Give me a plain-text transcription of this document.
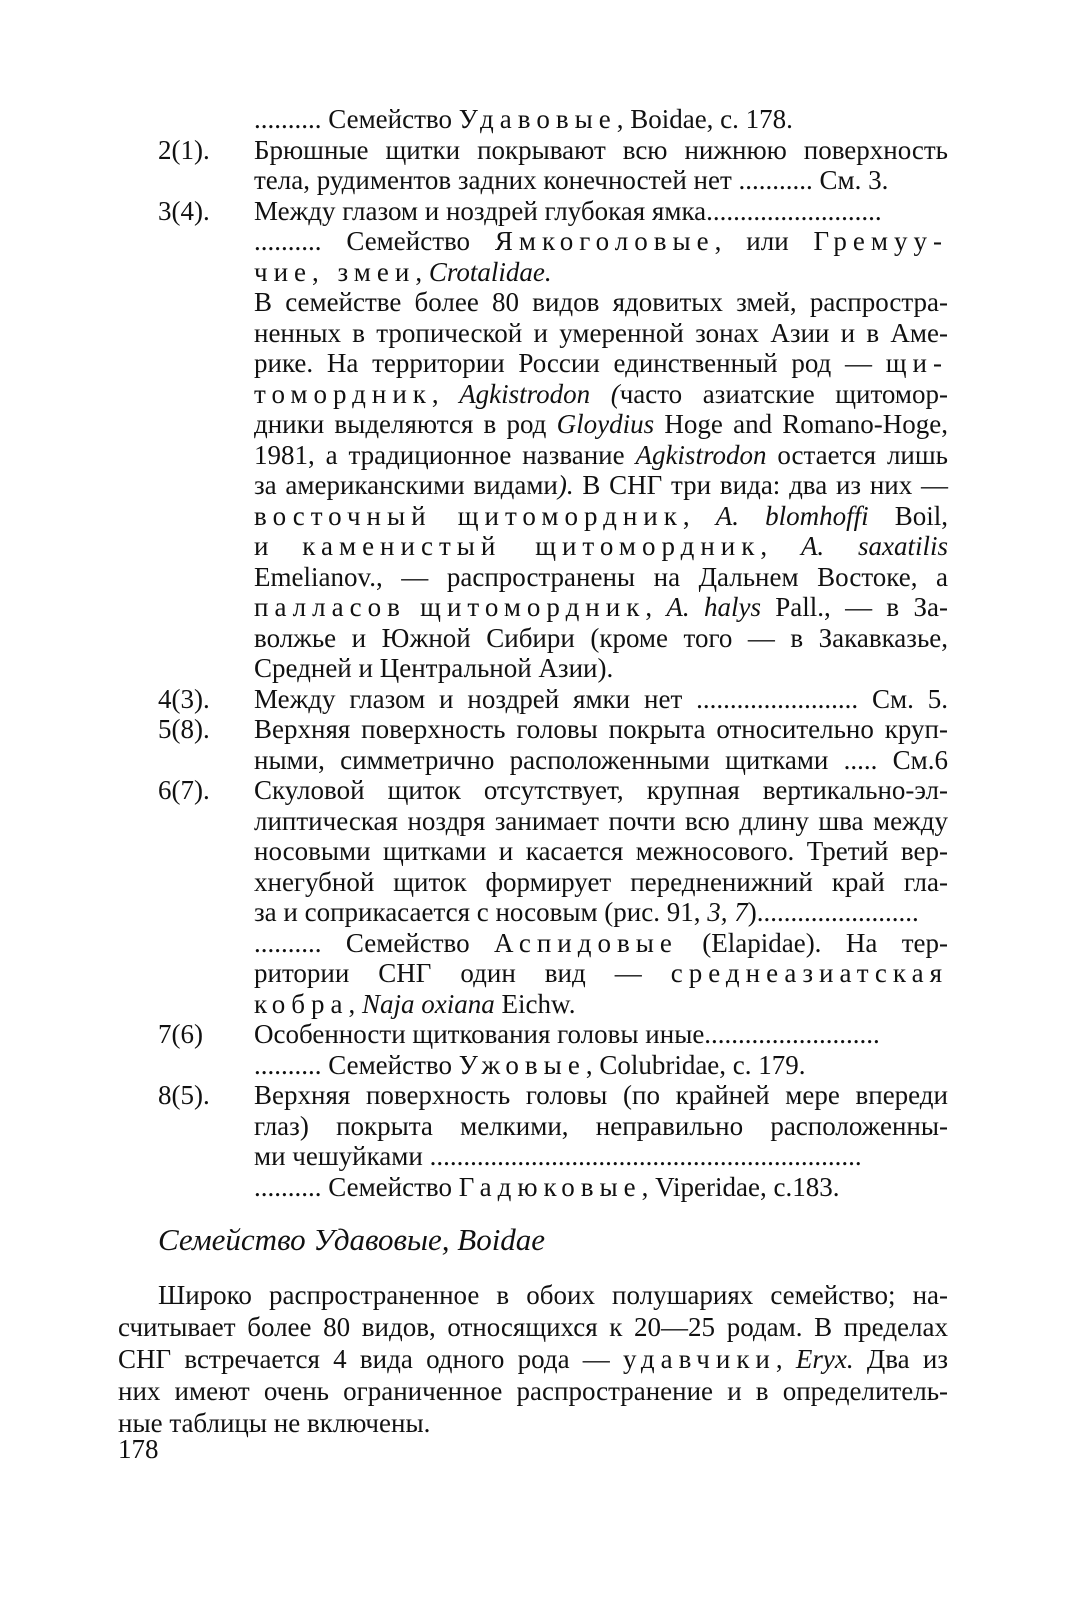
.......... Семейство Удавовые, Boidae, с. 178.
2(1).	Брюшные щитки покрывают всю нижнюю поверхность
тела, рудиментов задних конечностей нет ........... См. 3.
3(4).	Между глазом и ноздрей глубокая ямка..........................
.......... Семейство Ямкоголовые, или Гремуу-
чие, змеи, Crotalidae.
В семействе более 80 видов ядовитых змей, распростра-
ненных в тропической и умеренной зонах Азии и в Аме-
рике. На территории России единственный род — щи-
томордник, Agkistrodon (часто азиатские щитомор-
дники выделяются в род Gloydius Hoge and Romano-Hoge,
1981, а традиционное название Agkistrodon остается лишь
за американскими видами). В СНГ три вида: два из них —
восточный щитомордник, A. blomhoffi Boil,
и каменистый щитомордник, A. saxatilis
Emelianov., — распространены на Дальнем Востоке, а
палласов щитомордник, A. halys Pall., — в За-
волжье и Южной Сибири (кроме того — в Закавказье,
Средней и Центральной Азии).
4(3).	Между глазом и ноздрей ямки нет ........................ См. 5.
5(8).	Верхняя поверхность головы покрыта относительно круп-
ными, симметрично расположенными щитками ..... См.6
6(7).	Скуловой щиток отсутствует, крупная вертикально-эл-
липтическая ноздря занимает почти всю длину шва между
носовыми щитками и касается межносового. Третий вер-
хнегубной щиток формирует передненижний край гла-
за и соприкасается с носовым (рис. 91, 3, 7)........................
.......... Семейство Аспидовые (Elapidae). На тер-
ритории СНГ один вид — среднеазиатская
кобра, Naja oxiana Eichw.
7(6)	Особенности щиткования головы иные..........................
.......... Семейство Ужовые, Colubridae, с. 179.
8(5).	Верхняя поверхность головы (по крайней мере впереди
глаз) покрыта мелкими, неправильно расположенны-
ми чешуйками ................................................................
.......... Семейство Гадюковые, Viperidae, с.183.
Семейство Удавовые, Boidae
Широко распространенное в обоих полушариях семейство; на-
считывает более 80 видов, относящихся к 20—25 родам. В пределах
СНГ встречается 4 вида одного рода — удавчики, Eryx. Два из
них имеют очень ограниченное распространение и в определитель-
ные таблицы не включены.
178
